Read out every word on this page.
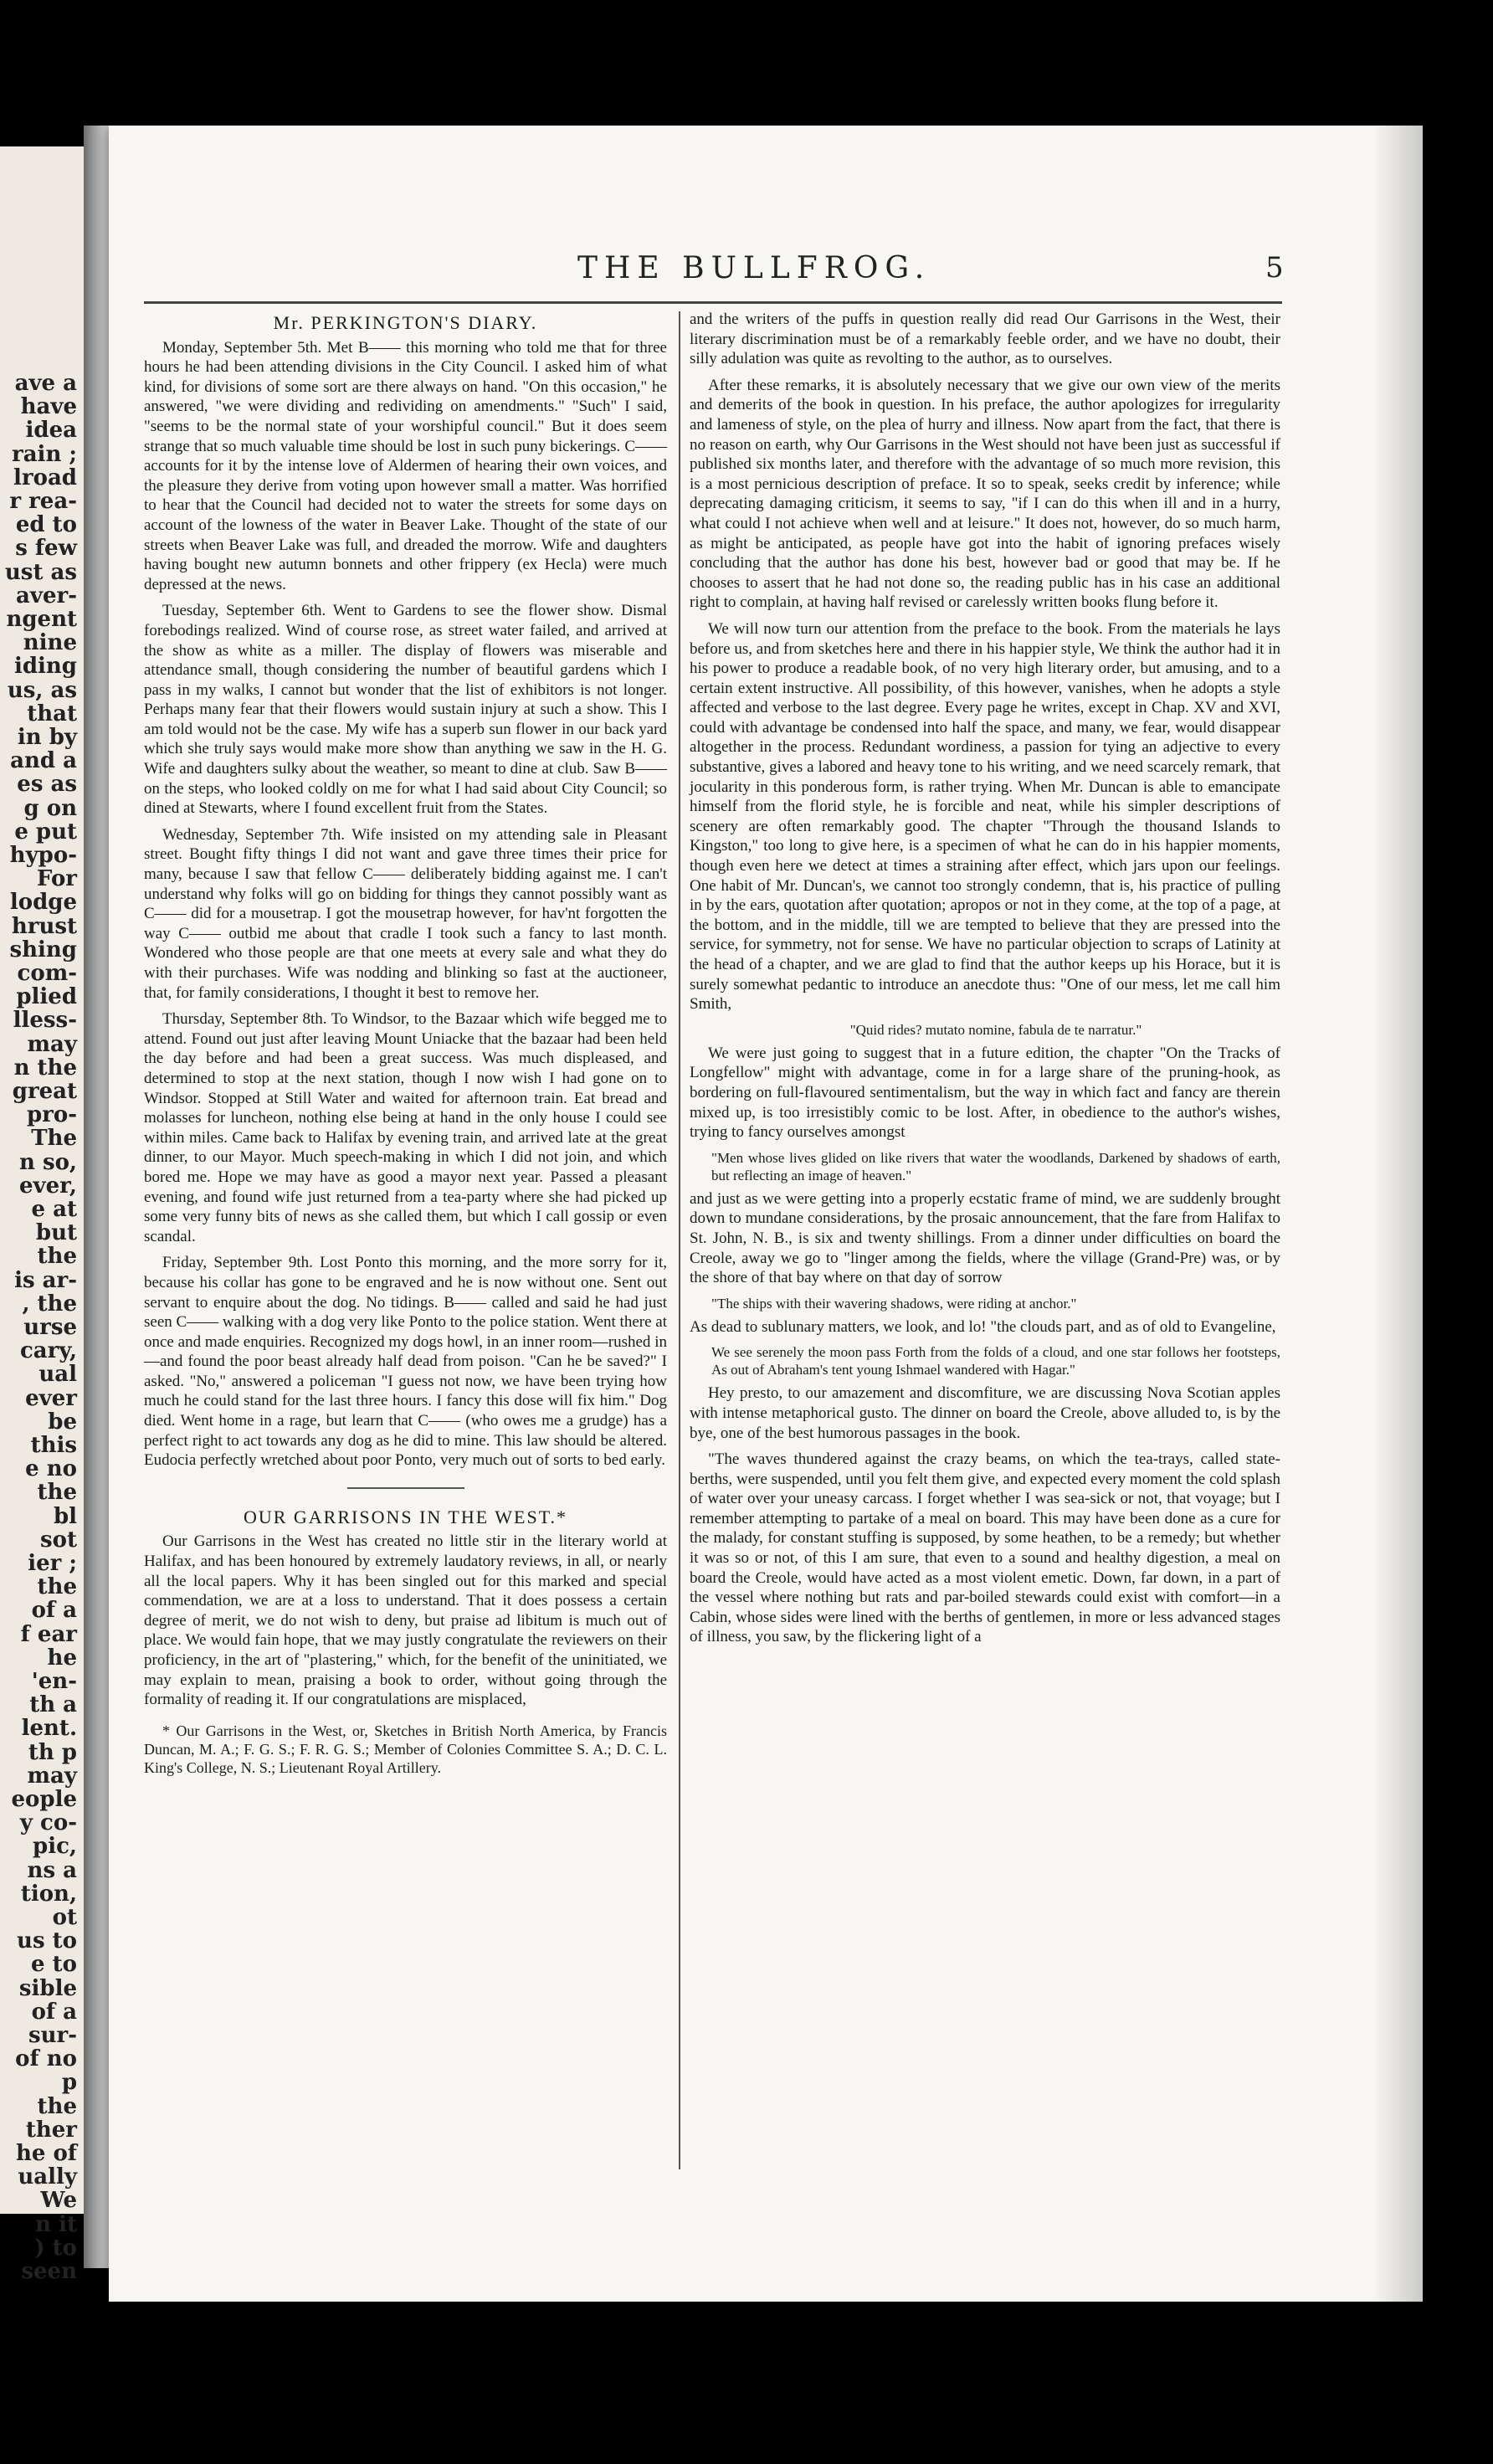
ave a
have
idea
rain ;
lroad
r rea-
ed to
s few
ust as
aver-
ngent
nine
iding
us, as
that
in by
and a
es as
g on
e put
hypo-
For
lodge
hrust
shing
com-
plied
lless-
may
n the
great
pro-
The
n so,
ever,
e at
but
the
is ar-
, the
urse
cary,
ual
ever
be
this
e no
the
bl
sot
ier ;
the
of a
f ear
he
'en-
th a
lent.
th p
may
eople
y co-
pic,
ns a
tion,
ot
us to
e to
sible
of a
sur-
of no
p
the
ther
he of
ually
We
n it
) to
seen
THE BULLFROG.	5
Mr. PERKINGTON'S DIARY.

Monday, September 5th. Met B—— this morning who told me that for three hours he had been attending divisions in the City Council. I asked him of what kind, for divisions of some sort are there always on hand. "On this occasion," he answered, "we were dividing and redividing on amendments." "Such" I said, "seems to be the normal state of your worshipful council." But it does seem strange that so much valuable time should be lost in such puny bickerings. C—— accounts for it by the intense love of Aldermen of hearing their own voices, and the pleasure they derive from voting upon however small a matter. Was horrified to hear that the Council had decided not to water the streets for some days on account of the lowness of the water in Beaver Lake. Thought of the state of our streets when Beaver Lake was full, and dreaded the morrow. Wife and daughters having bought new autumn bonnets and other frippery (ex Hecla) were much depressed at the news.

Tuesday, September 6th. Went to Gardens to see the flower show. Dismal forebodings realized. Wind of course rose, as street water failed, and arrived at the show as white as a miller. The display of flowers was miserable and attendance small, though considering the number of beautiful gardens which I pass in my walks, I cannot but wonder that the list of exhibitors is not longer. Perhaps many fear that their flowers would sustain injury at such a show. This I am told would not be the case. My wife has a superb sun flower in our back yard which she truly says would make more show than anything we saw in the H. G. Wife and daughters sulky about the weather, so meant to dine at club. Saw B—— on the steps, who looked coldly on me for what I had said about City Council; so dined at Stewarts, where I found excellent fruit from the States.

Wednesday, September 7th. Wife insisted on my attending sale in Pleasant street. Bought fifty things I did not want and gave three times their price for many, because I saw that fellow C—— deliberately bidding against me. I can't understand why folks will go on bidding for things they cannot possibly want as C—— did for a mousetrap. I got the mousetrap however, for hav'nt forgotten the way C—— outbid me about that cradle I took such a fancy to last month. Wondered who those people are that one meets at every sale and what they do with their purchases. Wife was nodding and blinking so fast at the auctioneer, that, for family considerations, I thought it best to remove her.

Thursday, September 8th. To Windsor, to the Bazaar which wife begged me to attend. Found out just after leaving Mount Uniacke that the bazaar had been held the day before and had been a great success. Was much displeased, and determined to stop at the next station, though I now wish I had gone on to Windsor. Stopped at Still Water and waited for afternoon train. Eat bread and molasses for luncheon, nothing else being at hand in the only house I could see within miles. Came back to Halifax by evening train, and arrived late at the great dinner, to our Mayor. Much speech-making in which I did not join, and which bored me. Hope we may have as good a mayor next year. Passed a pleasant evening, and found wife just returned from a tea-party where she had picked up some very funny bits of news as she called them, but which I call gossip or even scandal.

Friday, September 9th. Lost Ponto this morning, and the more sorry for it, because his collar has gone to be engraved and he is now without one. Sent out servant to enquire about the dog. No tidings. B—— called and said he had just seen C—— walking with a dog very like Ponto to the police station. Went there at once and made enquiries. Recognized my dogs howl, in an inner room—rushed in—and found the poor beast already half dead from poison. "Can he be saved?" I asked. "No," answered a policeman "I guess not now, we have been trying how much he could stand for the last three hours. I fancy this dose will fix him." Dog died. Went home in a rage, but learn that C—— (who owes me a grudge) has a perfect right to act towards any dog as he did to mine. This law should be altered. Eudocia perfectly wretched about poor Ponto, very much out of sorts to bed early.

OUR GARRISONS IN THE WEST.*

Our Garrisons in the West has created no little stir in the literary world at Halifax, and has been honoured by extremely laudatory reviews, in all, or nearly all the local papers. Why it has been singled out for this marked and special commendation, we are at a loss to understand. That it does possess a certain degree of merit, we do not wish to deny, but praise ad libitum is much out of place. We would fain hope, that we may justly congratulate the reviewers on their proficiency, in the art of "plastering," which, for the benefit of the uninitiated, we may explain to mean, praising a book to order, without going through the formality of reading it. If our congratulations are misplaced,

* Our Garrisons in the West, or, Sketches in British North America, by Francis Duncan, M. A.; F. G. S.; F. R. G. S.; Member of Colonies Committee S. A.; D. C. L. King's College, N. S.; Lieutenant Royal Artillery.

and the writers of the puffs in question really did read Our Garrisons in the West, their literary discrimination must be of a remarkably feeble order, and we have no doubt, their silly adulation was quite as revolting to the author, as to ourselves.

After these remarks, it is absolutely necessary that we give our own view of the merits and demerits of the book in question. In his preface, the author apologizes for irregularity and lameness of style, on the plea of hurry and illness. Now apart from the fact, that there is no reason on earth, why Our Garrisons in the West should not have been just as successful if published six months later, and therefore with the advantage of so much more revision, this is a most pernicious description of preface. It so to speak, seeks credit by inference; while deprecating damaging criticism, it seems to say, "if I can do this when ill and in a hurry, what could I not achieve when well and at leisure." It does not, however, do so much harm, as might be anticipated, as people have got into the habit of ignoring prefaces wisely concluding that the author has done his best, however bad or good that may be. If he chooses to assert that he had not done so, the reading public has in his case an additional right to complain, at having half revised or carelessly written books flung before it.

We will now turn our attention from the preface to the book. From the materials he lays before us, and from sketches here and there in his happier style, We think the author had it in his power to produce a readable book, of no very high literary order, but amusing, and to a certain extent instructive. All possibility, of this however, vanishes, when he adopts a style affected and verbose to the last degree. Every page he writes, except in Chap. XV and XVI, could with advantage be condensed into half the space, and many, we fear, would disappear altogether in the process. Redundant wordiness, a passion for tying an adjective to every substantive, gives a labored and heavy tone to his writing, and we need scarcely remark, that jocularity in this ponderous form, is rather trying. When Mr. Duncan is able to emancipate himself from the florid style, he is forcible and neat, while his simpler descriptions of scenery are often remarkably good. The chapter "Through the thousand Islands to Kingston," too long to give here, is a specimen of what he can do in his happier moments, though even here we detect at times a straining after effect, which jars upon our feelings. One habit of Mr. Duncan's, we cannot too strongly condemn, that is, his practice of pulling in by the ears, quotation after quotation; apropos or not in they come, at the top of a page, at the bottom, and in the middle, till we are tempted to believe that they are pressed into the service, for symmetry, not for sense. We have no particular objection to scraps of Latinity at the head of a chapter, and we are glad to find that the author keeps up his Horace, but it is surely somewhat pedantic to introduce an anecdote thus: "One of our mess, let me call him Smith,

"Quid rides? mutato nomine, fabula de te narratur."

We were just going to suggest that in a future edition, the chapter "On the Tracks of Longfellow" might with advantage, come in for a large share of the pruning-hook, as bordering on full-flavoured sentimentalism, but the way in which fact and fancy are therein mixed up, is too irresistibly comic to be lost. After, in obedience to the author's wishes, trying to fancy ourselves amongst

"Men whose lives glided on like rivers that water the woodlands, Darkened by shadows of earth, but reflecting an image of heaven."

and just as we were getting into a properly ecstatic frame of mind, we are suddenly brought down to mundane considerations, by the prosaic announcement, that the fare from Halifax to St. John, N. B., is six and twenty shillings. From a dinner under difficulties on board the Creole, away we go to "linger among the fields, where the village (Grand-Pre) was, or by the shore of that bay where on that day of sorrow

"The ships with their wavering shadows, were riding at anchor."

As dead to sublunary matters, we look, and lo! "the clouds part, and as of old to Evangeline,

We see serenely the moon pass Forth from the folds of a cloud, and one star follows her footsteps, As out of Abraham's tent young Ishmael wandered with Hagar."

Hey presto, to our amazement and discomfiture, we are discussing Nova Scotian apples with intense metaphorical gusto. The dinner on board the Creole, above alluded to, is by the bye, one of the best humorous passages in the book.

"The waves thundered against the crazy beams, on which the tea-trays, called state-berths, were suspended, until you felt them give, and expected every moment the cold splash of water over your uneasy carcass. I forget whether I was sea-sick or not, that voyage; but I remember attempting to partake of a meal on board. This may have been done as a cure for the malady, for constant stuffing is supposed, by some heathen, to be a remedy; but whether it was so or not, of this I am sure, that even to a sound and healthy digestion, a meal on board the Creole, would have acted as a most violent emetic. Down, far down, in a part of the vessel where nothing but rats and par-boiled stewards could exist with comfort—in a Cabin, whose sides were lined with the berths of gentlemen, in more or less advanced stages of illness, you saw, by the flickering light of a
